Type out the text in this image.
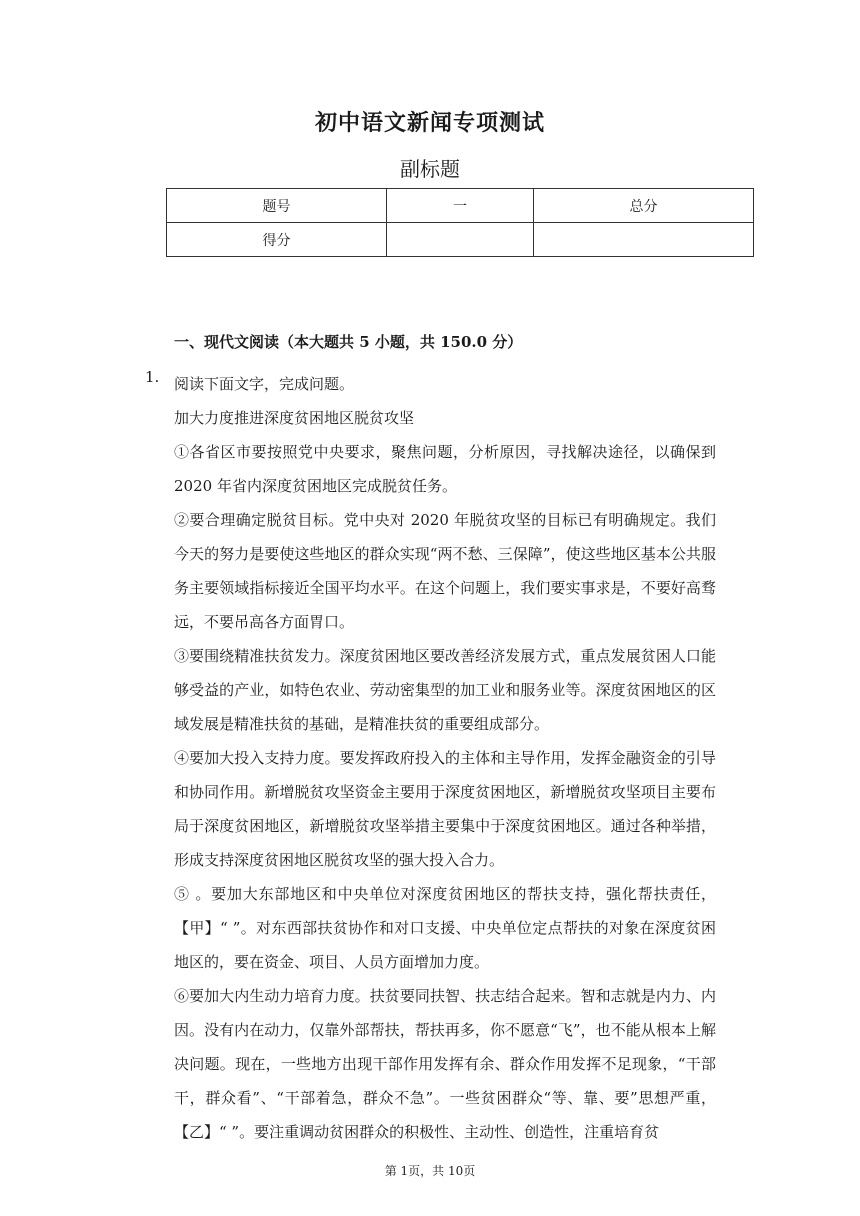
初中语文新闻专项测试
副标题
题号	一	总分
得分		
一、现代文阅读（本大题共 5 小题，共 150.0 分）
1. 阅读下面文字，完成问题。

加大力度推进深度贫困地区脱贫攻坚

①各省区市要按照党中央要求，聚焦问题，分析原因，寻找解决途径，以确保到 2020 年省内深度贫困地区完成脱贫任务。

②要合理确定脱贫目标。党中央对 2020 年脱贫攻坚的目标已有明确规定。我们今天的努力是要使这些地区的群众实现“两不愁、三保障”，使这些地区基本公共服务主要领域指标接近全国平均水平。在这个问题上，我们要实事求是，不要好高骛远，不要吊高各方面胃口。

③要围绕精准扶贫发力。深度贫困地区要改善经济发展方式，重点发展贫困人口能够受益的产业，如特色农业、劳动密集型的加工业和服务业等。深度贫困地区的区域发展是精准扶贫的基础，是精准扶贫的重要组成部分。

④要加大投入支持力度。要发挥政府投入的主体和主导作用，发挥金融资金的引导和协同作用。新增脱贫攻坚资金主要用于深度贫困地区，新增脱贫攻坚项目主要布局于深度贫困地区，新增脱贫攻坚举措主要集中于深度贫困地区。通过各种举措，形成支持深度贫困地区脱贫攻坚的强大投入合力。

⑤ 。要加大东部地区和中央单位对深度贫困地区的帮扶支持，强化帮扶责任，【甲】“ ”。对东西部扶贫协作和对口支援、中央单位定点帮扶的对象在深度贫困地区的，要在资金、项目、人员方面增加力度。

⑥要加大内生动力培育力度。扶贫要同扶智、扶志结合起来。智和志就是内力、内因。没有内在动力，仅靠外部帮扶，帮扶再多，你不愿意“飞”，也不能从根本上解决问题。现在，一些地方出现干部作用发挥有余、群众作用发挥不足现象，“干部干，群众看”、“干部着急，群众不急”。一些贫困群众“等、靠、要”思想严重，【乙】“ ”。要注重调动贫困群众的积极性、主动性、创造性，注重培育贫

第 1页，共 10页
